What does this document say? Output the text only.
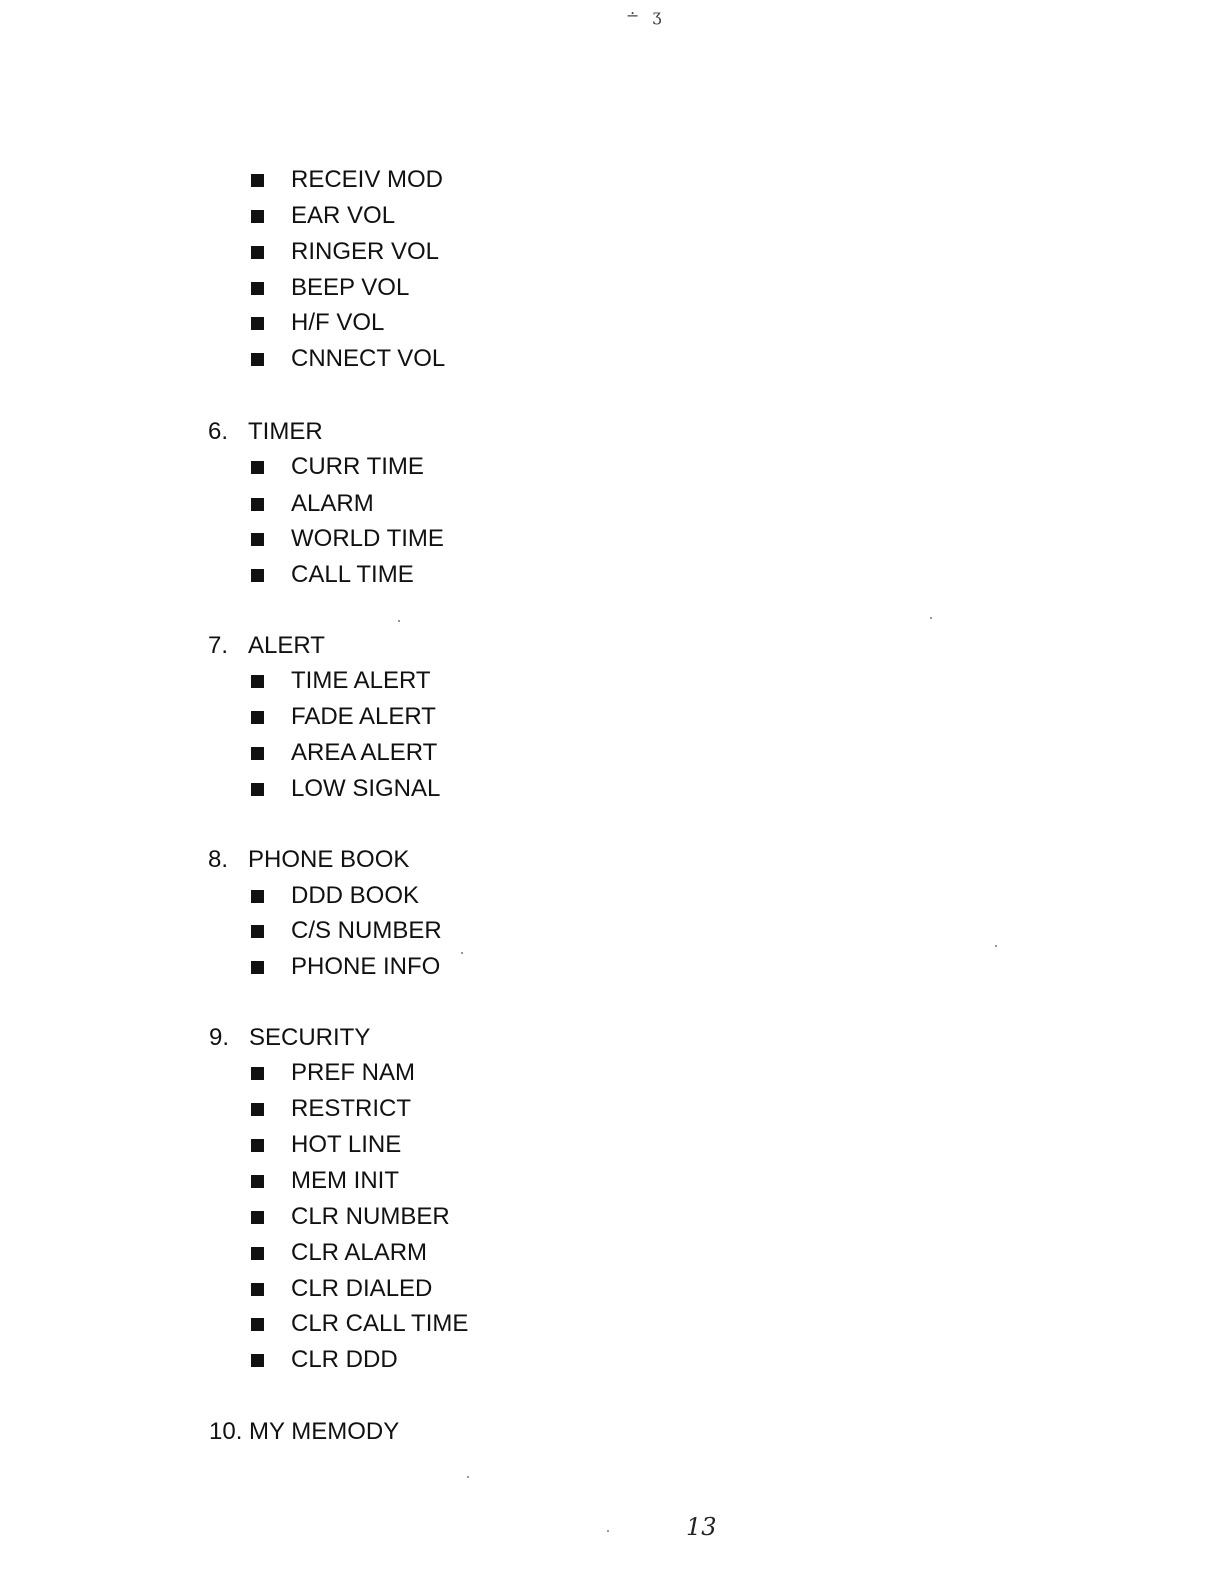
∸ ʒ
RECEIV MOD
EAR VOL
RINGER VOL
BEEP VOL
H/F VOL
CNNECT VOL
6. TIMER
CURR TIME
ALARM
WORLD TIME
CALL TIME
7. ALERT
TIME ALERT
FADE ALERT
AREA ALERT
LOW SIGNAL
8. PHONE BOOK
DDD BOOK
C/S NUMBER
PHONE INFO
9. SECURITY
PREF NAM
RESTRICT
HOT LINE
MEM INIT
CLR NUMBER
CLR ALARM
CLR DIALED
CLR CALL TIME
CLR DDD
10. MY MEMODY
13
